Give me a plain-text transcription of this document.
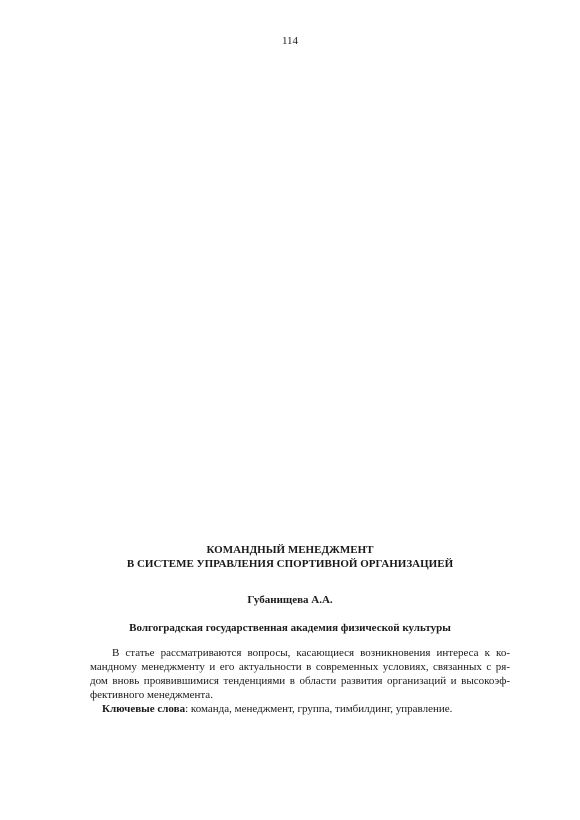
114
КОМАНДНЫЙ МЕНЕДЖМЕНТ
В СИСТЕМЕ УПРАВЛЕНИЯ СПОРТИВНОЙ ОРГАНИЗАЦИЕЙ
Губанищева А.А.
Волгоградская государственная академия физической культуры
В статье рассматриваются вопросы, касающиеся возникновения интереса к ко-
мандному менеджменту и его актуальности в современных условиях, связанных с ря-
дом вновь проявившимися тенденциями в области развития организаций и высокоэф-
фективного менеджмента.
Ключевые слова: команда, менеджмент, группа, тимбилдинг, управление.
